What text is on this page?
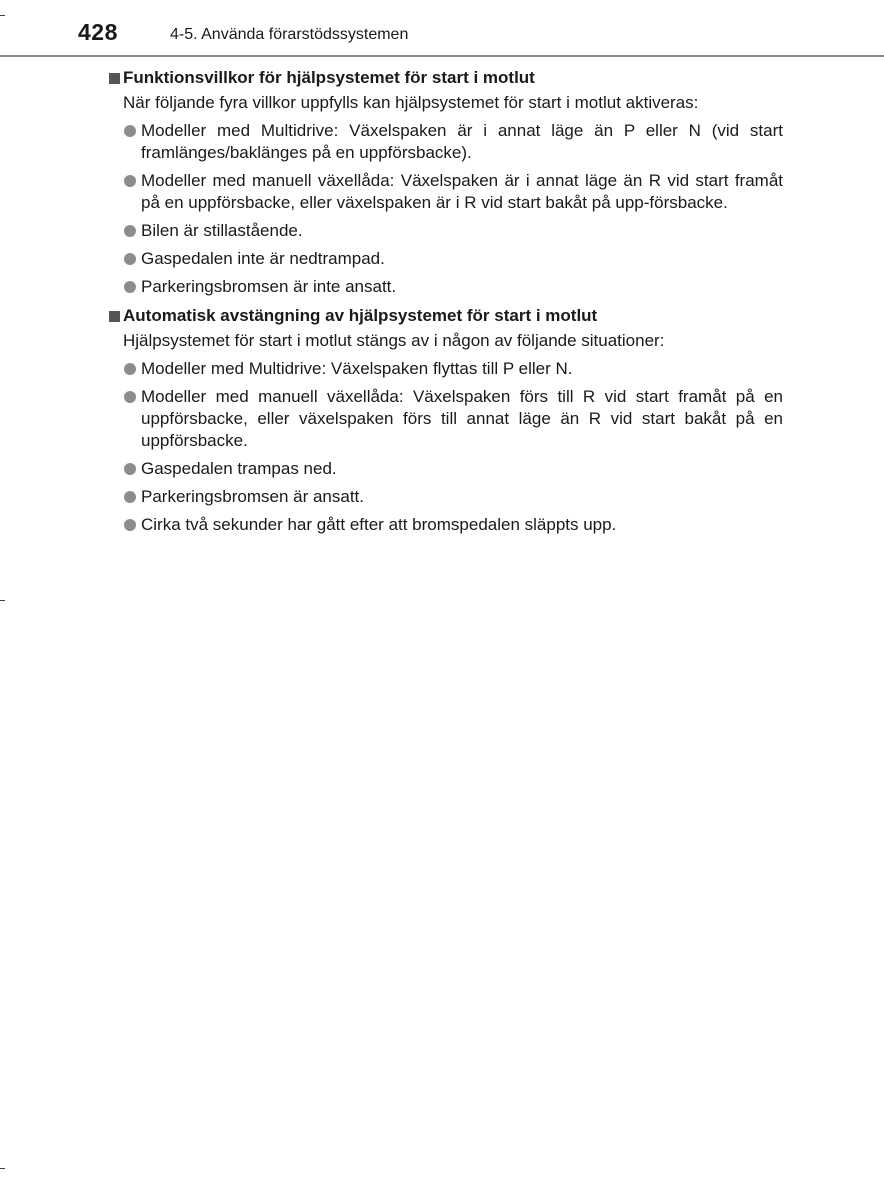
428	4-5. Använda förarstödssystemen
Funktionsvillkor för hjälpsystemet för start i motlut
När följande fyra villkor uppfylls kan hjälpsystemet för start i motlut aktiveras:
Modeller med Multidrive: Växelspaken är i annat läge än P eller N (vid start framlänges/baklänges på en uppförsbacke).
Modeller med manuell växellåda: Växelspaken är i annat läge än R vid start framåt på en uppförsbacke, eller växelspaken är i R vid start bakåt på upp-försbacke.
Bilen är stillastående.
Gaspedalen inte är nedtrampad.
Parkeringsbromsen är inte ansatt.
Automatisk avstängning av hjälpsystemet för start i motlut
Hjälpsystemet för start i motlut stängs av i någon av följande situationer:
Modeller med Multidrive: Växelspaken flyttas till P eller N.
Modeller med manuell växellåda: Växelspaken förs till R vid start framåt på en uppförsbacke, eller växelspaken förs till annat läge än R vid start bakåt på en uppförsbacke.
Gaspedalen trampas ned.
Parkeringsbromsen är ansatt.
Cirka två sekunder har gått efter att bromspedalen släppts upp.
